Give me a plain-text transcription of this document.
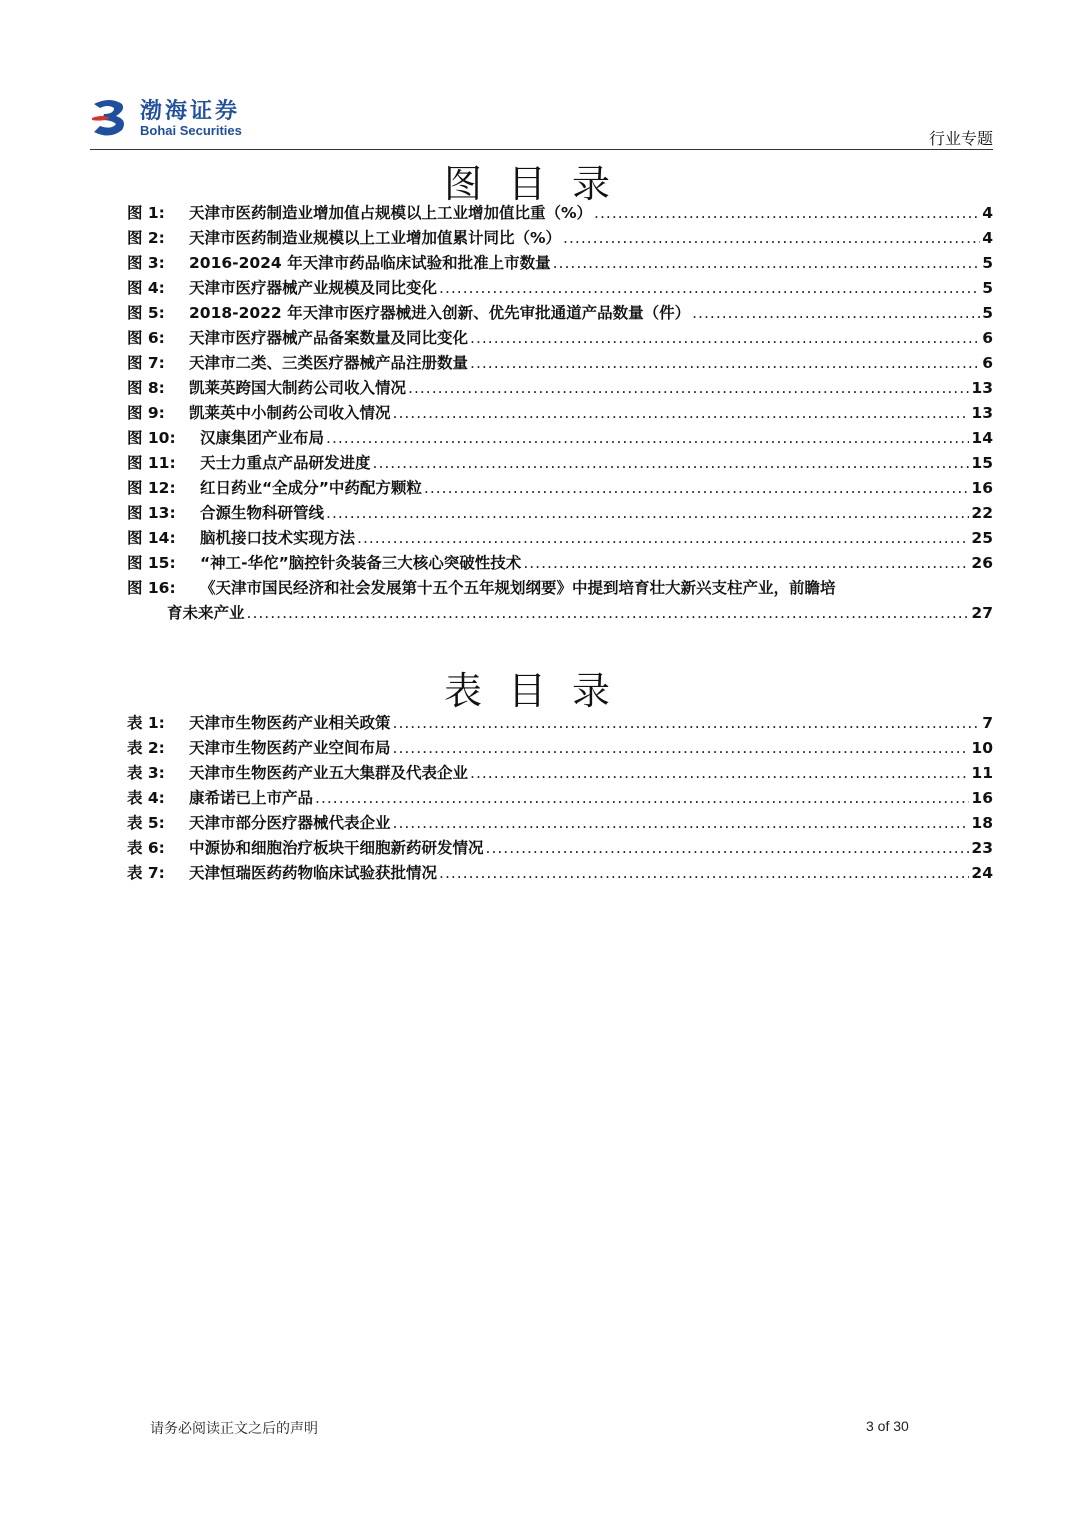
渤海证券
Bohai Securities	行业专题
图目录
图 1: 天津市医药制造业增加值占规模以上工业增加值比重（%） .....	4
图 2: 天津市医药制造业规模以上工业增加值累计同比（%） .....	4
图 3: 2016-2024 年天津市药品临床试验和批准上市数量 .....	5
图 4: 天津市医疗器械产业规模及同比变化 .....	5
图 5: 2018-2022 年天津市医疗器械进入创新、优先审批通道产品数量（件） .....	5
图 6: 天津市医疗器械产品备案数量及同比变化 .....	6
图 7: 天津市二类、三类医疗器械产品注册数量 .....	6
图 8: 凯莱英跨国大制药公司收入情况 .....	13
图 9: 凯莱英中小制药公司收入情况 .....	13
图 10: 汉康集团产业布局 .....	14
图 11: 天士力重点产品研发进度 .....	15
图 12: 红日药业“全成分”中药配方颗粒 .....	16
图 13: 合源生物科研管线 .....	22
图 14: 脑机接口技术实现方法 .....	25
图 15: “神工-华佗”脑控针灸装备三大核心突破性技术 .....	26
图 16: 《天津市国民经济和社会发展第十五个五年规划纲要》中提到培育壮大新兴支柱产业，前瞻培
育未来产业 .....	27
表目录
表 1: 天津市生物医药产业相关政策 .....	7
表 2: 天津市生物医药产业空间布局 .....	10
表 3: 天津市生物医药产业五大集群及代表企业 .....	11
表 4: 康希诺已上市产品 .....	16
表 5: 天津市部分医疗器械代表企业 .....	18
表 6: 中源协和细胞治疗板块干细胞新药研发情况 .....	23
表 7: 天津恒瑞医药药物临床试验获批情况 .....	24
请务必阅读正文之后的声明	3 of 30
